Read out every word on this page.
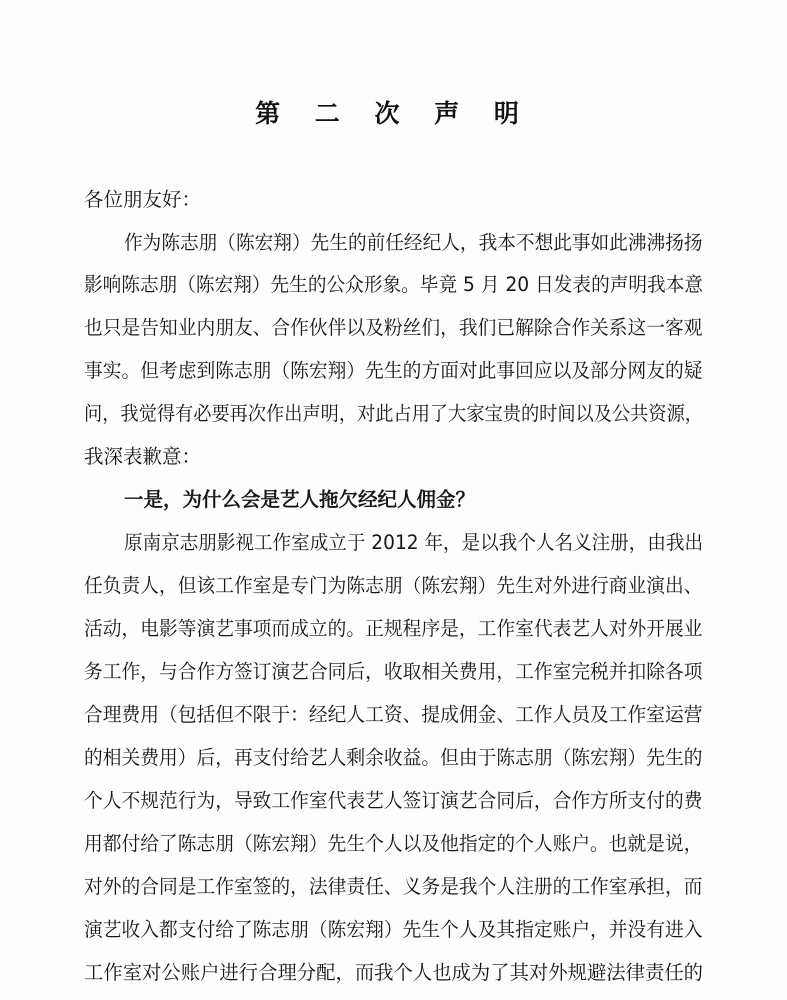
第 二 次 声 明
各位朋友好：
作为陈志朋（陈宏翔）先生的前任经纪人，我本不想此事如此沸沸扬扬
影响陈志朋（陈宏翔）先生的公众形象。毕竟 5 月 20 日发表的声明我本意
也只是告知业内朋友、合作伙伴以及粉丝们，我们已解除合作关系这一客观
事实。但考虑到陈志朋（陈宏翔）先生的方面对此事回应以及部分网友的疑
问，我觉得有必要再次作出声明，对此占用了大家宝贵的时间以及公共资源，
我深表歉意：
一是，为什么会是艺人拖欠经纪人佣金？
原南京志朋影视工作室成立于 2012 年，是以我个人名义注册，由我出
任负责人，但该工作室是专门为陈志朋（陈宏翔）先生对外进行商业演出、
活动，电影等演艺事项而成立的。正规程序是，工作室代表艺人对外开展业
务工作，与合作方签订演艺合同后，收取相关费用，工作室完税并扣除各项
合理费用（包括但不限于：经纪人工资、提成佣金、工作人员及工作室运营
的相关费用）后，再支付给艺人剩余收益。但由于陈志朋（陈宏翔）先生的
个人不规范行为，导致工作室代表艺人签订演艺合同后，合作方所支付的费
用都付给了陈志朋（陈宏翔）先生个人以及他指定的个人账户。也就是说，
对外的合同是工作室签的，法律责任、义务是我个人注册的工作室承担，而
演艺收入都支付给了陈志朋（陈宏翔）先生个人及其指定账户，并没有进入
工作室对公账户进行合理分配，而我个人也成为了其对外规避法律责任的
